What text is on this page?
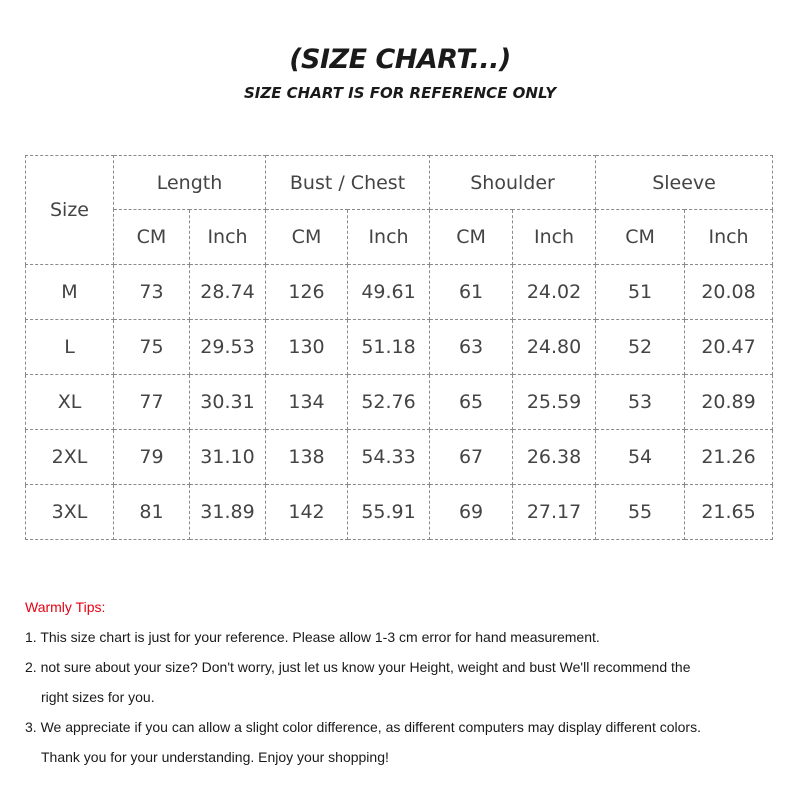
(SIZE CHART...)
SIZE CHART IS FOR REFERENCE ONLY
Size	Length		Bust / Chest		Shoulder		Sleeve	
	CM	Inch	CM	Inch	CM	Inch	CM	Inch
M	73	28.74	126	49.61	61	24.02	51	20.08
L	75	29.53	130	51.18	63	24.80	52	20.47
XL	77	30.31	134	52.76	65	25.59	53	20.89
2XL	79	31.10	138	54.33	67	26.38	54	21.26
3XL	81	31.89	142	55.91	69	27.17	55	21.65

Warmly Tips:

1. This size chart is just for your reference. Please allow 1-3 cm error for hand measurement.

2. not sure about your size? Don't worry, just let us know your Height, weight and bust We'll recommend the

right sizes for you.

3. We appreciate if you can allow a slight color difference, as different computers may display different colors.

Thank you for your understanding. Enjoy your shopping!
